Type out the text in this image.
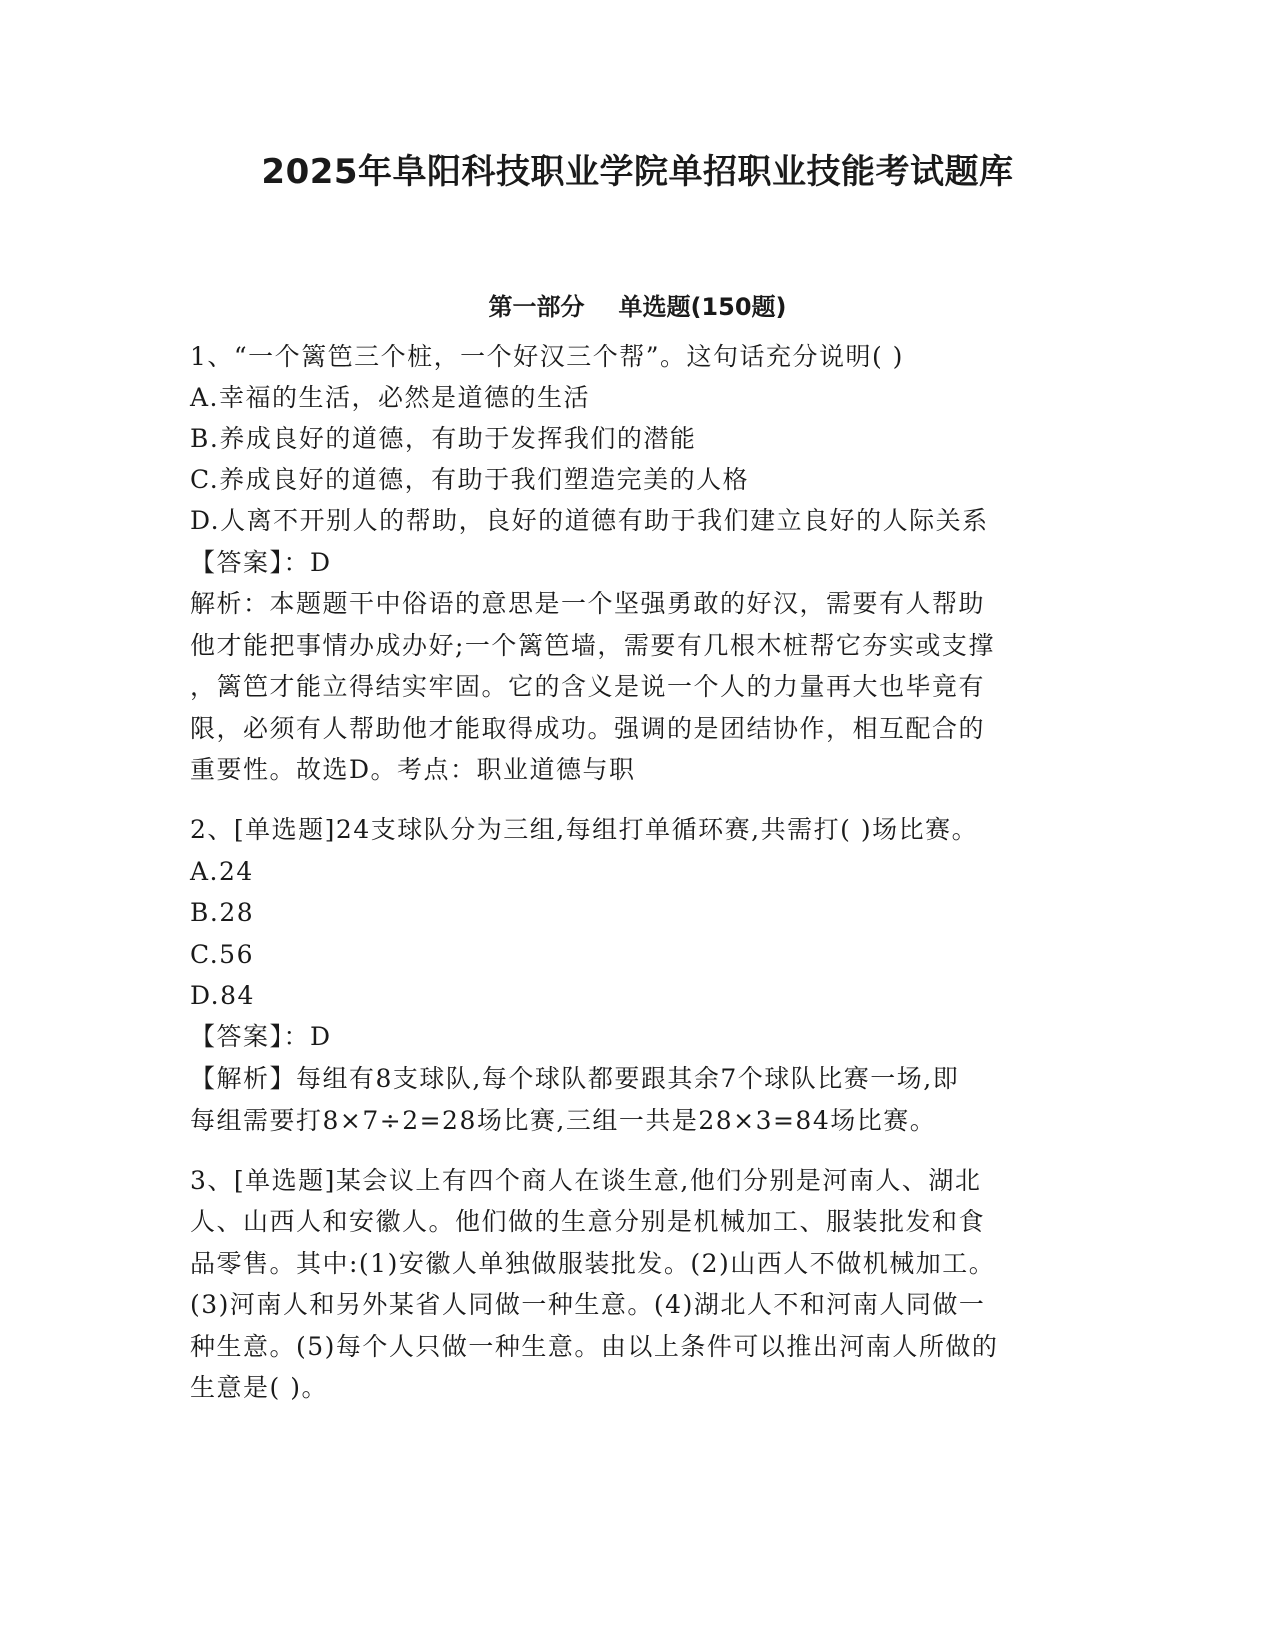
2025年阜阳科技职业学院单招职业技能考试题库
第一部分 单选题(150题)
1、“一个篱笆三个桩，一个好汉三个帮”。这句话充分说明( )
A.幸福的生活，必然是道德的生活
B.养成良好的道德，有助于发挥我们的潜能
C.养成良好的道德，有助于我们塑造完美的人格
D.人离不开别人的帮助，良好的道德有助于我们建立良好的人际关系
【答案】：D
解析：本题题干中俗语的意思是一个坚强勇敢的好汉，需要有人帮助
他才能把事情办成办好;一个篱笆墙，需要有几根木桩帮它夯实或支撑
，篱笆才能立得结实牢固。它的含义是说一个人的力量再大也毕竟有
限，必须有人帮助他才能取得成功。强调的是团结协作，相互配合的
重要性。故选D。考点：职业道德与职
2、[单选题]24支球队分为三组,每组打单循环赛,共需打( )场比赛。
A.24
B.28
C.56
D.84
【答案】：D
【解析】每组有8支球队,每个球队都要跟其余7个球队比赛一场,即
每组需要打8×7÷2=28场比赛,三组一共是28×3=84场比赛。
3、[单选题]某会议上有四个商人在谈生意,他们分别是河南人、湖北
人、山西人和安徽人。他们做的生意分别是机械加工、服装批发和食
品零售。其中:(1)安徽人单独做服装批发。(2)山西人不做机械加工。
(3)河南人和另外某省人同做一种生意。(4)湖北人不和河南人同做一
种生意。(5)每个人只做一种生意。由以上条件可以推出河南人所做的
生意是( )。
